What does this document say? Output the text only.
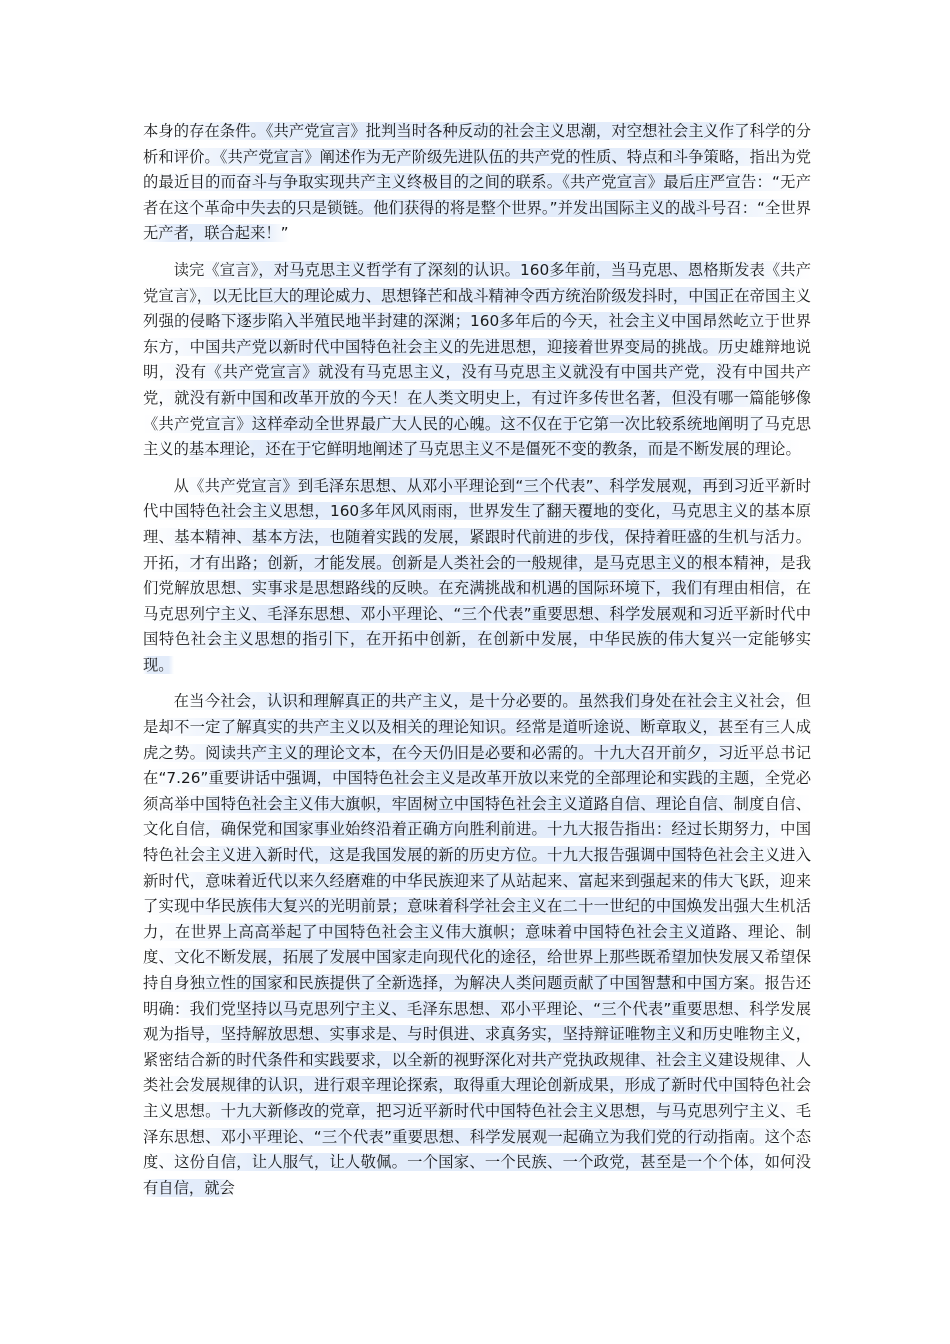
本身的存在条件。《共产党宣言》批判当时各种反动的社会主义思潮，对空想社会主义作了科学的分析和评价。《共产党宣言》阐述作为无产阶级先进队伍的共产党的性质、特点和斗争策略，指出为党的最近目的而奋斗与争取实现共产主义终极目的之间的联系。《共产党宣言》最后庄严宣告：“无产者在这个革命中失去的只是锁链。他们获得的将是整个世界。”并发出国际主义的战斗号召：“全世界无产者，联合起来！”

读完《宣言》，对马克思主义哲学有了深刻的认识。160多年前，当马克思、恩格斯发表《共产党宣言》，以无比巨大的理论威力、思想锋芒和战斗精神令西方统治阶级发抖时，中国正在帝国主义列强的侵略下逐步陷入半殖民地半封建的深渊；160多年后的今天，社会主义中国昂然屹立于世界东方，中国共产党以新时代中国特色社会主义的先进思想，迎接着世界变局的挑战。历史雄辩地说明，没有《共产党宣言》就没有马克思主义，没有马克思主义就没有中国共产党，没有中国共产党，就没有新中国和改革开放的今天！在人类文明史上，有过许多传世名著，但没有哪一篇能够像《共产党宣言》这样牵动全世界最广大人民的心魄。这不仅在于它第一次比较系统地阐明了马克思主义的基本理论，还在于它鲜明地阐述了马克思主义不是僵死不变的教条，而是不断发展的理论。

从《共产党宣言》到毛泽东思想、从邓小平理论到“三个代表”、科学发展观，再到习近平新时代中国特色社会主义思想，160多年风风雨雨，世界发生了翻天覆地的变化，马克思主义的基本原理、基本精神、基本方法，也随着实践的发展，紧跟时代前进的步伐，保持着旺盛的生机与活力。开拓，才有出路；创新，才能发展。创新是人类社会的一般规律，是马克思主义的根本精神，是我们党解放思想、实事求是思想路线的反映。在充满挑战和机遇的国际环境下，我们有理由相信，在马克思列宁主义、毛泽东思想、邓小平理论、“三个代表”重要思想、科学发展观和习近平新时代中国特色社会主义思想的指引下，在开拓中创新，在创新中发展，中华民族的伟大复兴一定能够实现。

在当今社会，认识和理解真正的共产主义，是十分必要的。虽然我们身处在社会主义社会，但是却不一定了解真实的共产主义以及相关的理论知识。经常是道听途说、断章取义，甚至有三人成虎之势。阅读共产主义的理论文本，在今天仍旧是必要和必需的。十九大召开前夕，习近平总书记在“7.26”重要讲话中强调，中国特色社会主义是改革开放以来党的全部理论和实践的主题，全党必须高举中国特色社会主义伟大旗帜，牢固树立中国特色社会主义道路自信、理论自信、制度自信、文化自信，确保党和国家事业始终沿着正确方向胜利前进。十九大报告指出：经过长期努力，中国特色社会主义进入新时代，这是我国发展的新的历史方位。十九大报告强调中国特色社会主义进入新时代，意味着近代以来久经磨难的中华民族迎来了从站起来、富起来到强起来的伟大飞跃，迎来了实现中华民族伟大复兴的光明前景；意味着科学社会主义在二十一世纪的中国焕发出强大生机活力，在世界上高高举起了中国特色社会主义伟大旗帜；意味着中国特色社会主义道路、理论、制度、文化不断发展，拓展了发展中国家走向现代化的途径，给世界上那些既希望加快发展又希望保持自身独立性的国家和民族提供了全新选择，为解决人类问题贡献了中国智慧和中国方案。报告还明确：我们党坚持以马克思列宁主义、毛泽东思想、邓小平理论、“三个代表”重要思想、科学发展观为指导，坚持解放思想、实事求是、与时俱进、求真务实，坚持辩证唯物主义和历史唯物主义，紧密结合新的时代条件和实践要求，以全新的视野深化对共产党执政规律、社会主义建设规律、人类社会发展规律的认识，进行艰辛理论探索，取得重大理论创新成果，形成了新时代中国特色社会主义思想。十九大新修改的党章，把习近平新时代中国特色社会主义思想，与马克思列宁主义、毛泽东思想、邓小平理论、“三个代表”重要思想、科学发展观一起确立为我们党的行动指南。这个态度、这份自信，让人服气，让人敬佩。一个国家、一个民族、一个政党，甚至是一个个体，如何没有自信，就会
